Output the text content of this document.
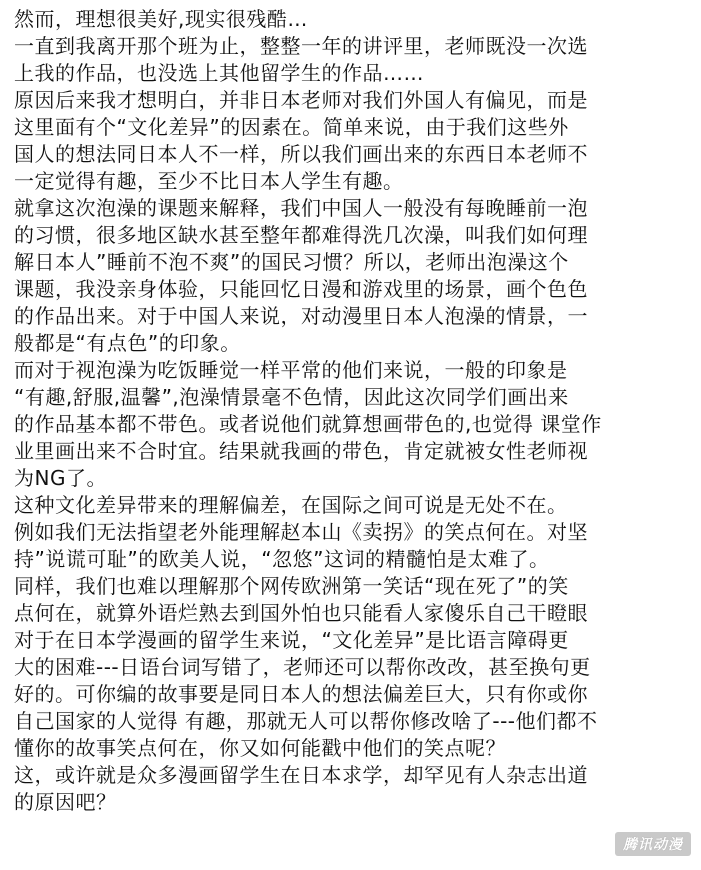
然而，理想很美好,现实很残酷…
一直到我离开那个班为止，整整一年的讲评里，老师既没一次选
上我的作品，也没选上其他留学生的作品……
原因后来我才想明白，并非日本老师对我们外国人有偏见，而是
这里面有个“文化差异”的因素在。简单来说，由于我们这些外
国人的想法同日本人不一样，所以我们画出来的东西日本老师不
一定觉得有趣，至少不比日本人学生有趣。
就拿这次泡澡的课题来解释，我们中国人一般没有每晚睡前一泡
的习惯，很多地区缺水甚至整年都难得洗几次澡，叫我们如何理
解日本人”睡前不泡不爽”的国民习惯？所以，老师出泡澡这个
课题，我没亲身体验，只能回忆日漫和游戏里的场景，画个色色
的作品出来。对于中国人来说，对动漫里日本人泡澡的情景，一
般都是“有点色”的印象。
而对于视泡澡为吃饭睡觉一样平常的他们来说，一般的印象是
“有趣,舒服,温馨”,泡澡情景毫不色情，因此这次同学们画出来
的作品基本都不带色。或者说他们就算想画带色的,也觉得 课堂作
业里画出来不合时宜。结果就我画的带色，肯定就被女性老师视
为NG了。
这种文化差异带来的理解偏差，在国际之间可说是无处不在。
例如我们无法指望老外能理解赵本山《卖拐》的笑点何在。对坚
持”说谎可耻”的欧美人说，“忽悠”这词的精髓怕是太难了。
同样，我们也难以理解那个网传欧洲第一笑话“现在死了”的笑
点何在，就算外语烂熟去到国外怕也只能看人家傻乐自己干瞪眼
对于在日本学漫画的留学生来说，“文化差异”是比语言障碍更
大的困难---日语台词写错了，老师还可以帮你改改，甚至换句更
好的。可你编的故事要是同日本人的想法偏差巨大，只有你或你
自己国家的人觉得 有趣，那就无人可以帮你修改啥了---他们都不
懂你的故事笑点何在，你又如何能戳中他们的笑点呢？
这，或许就是众多漫画留学生在日本求学，却罕见有人杂志出道
的原因吧？
腾讯动漫
